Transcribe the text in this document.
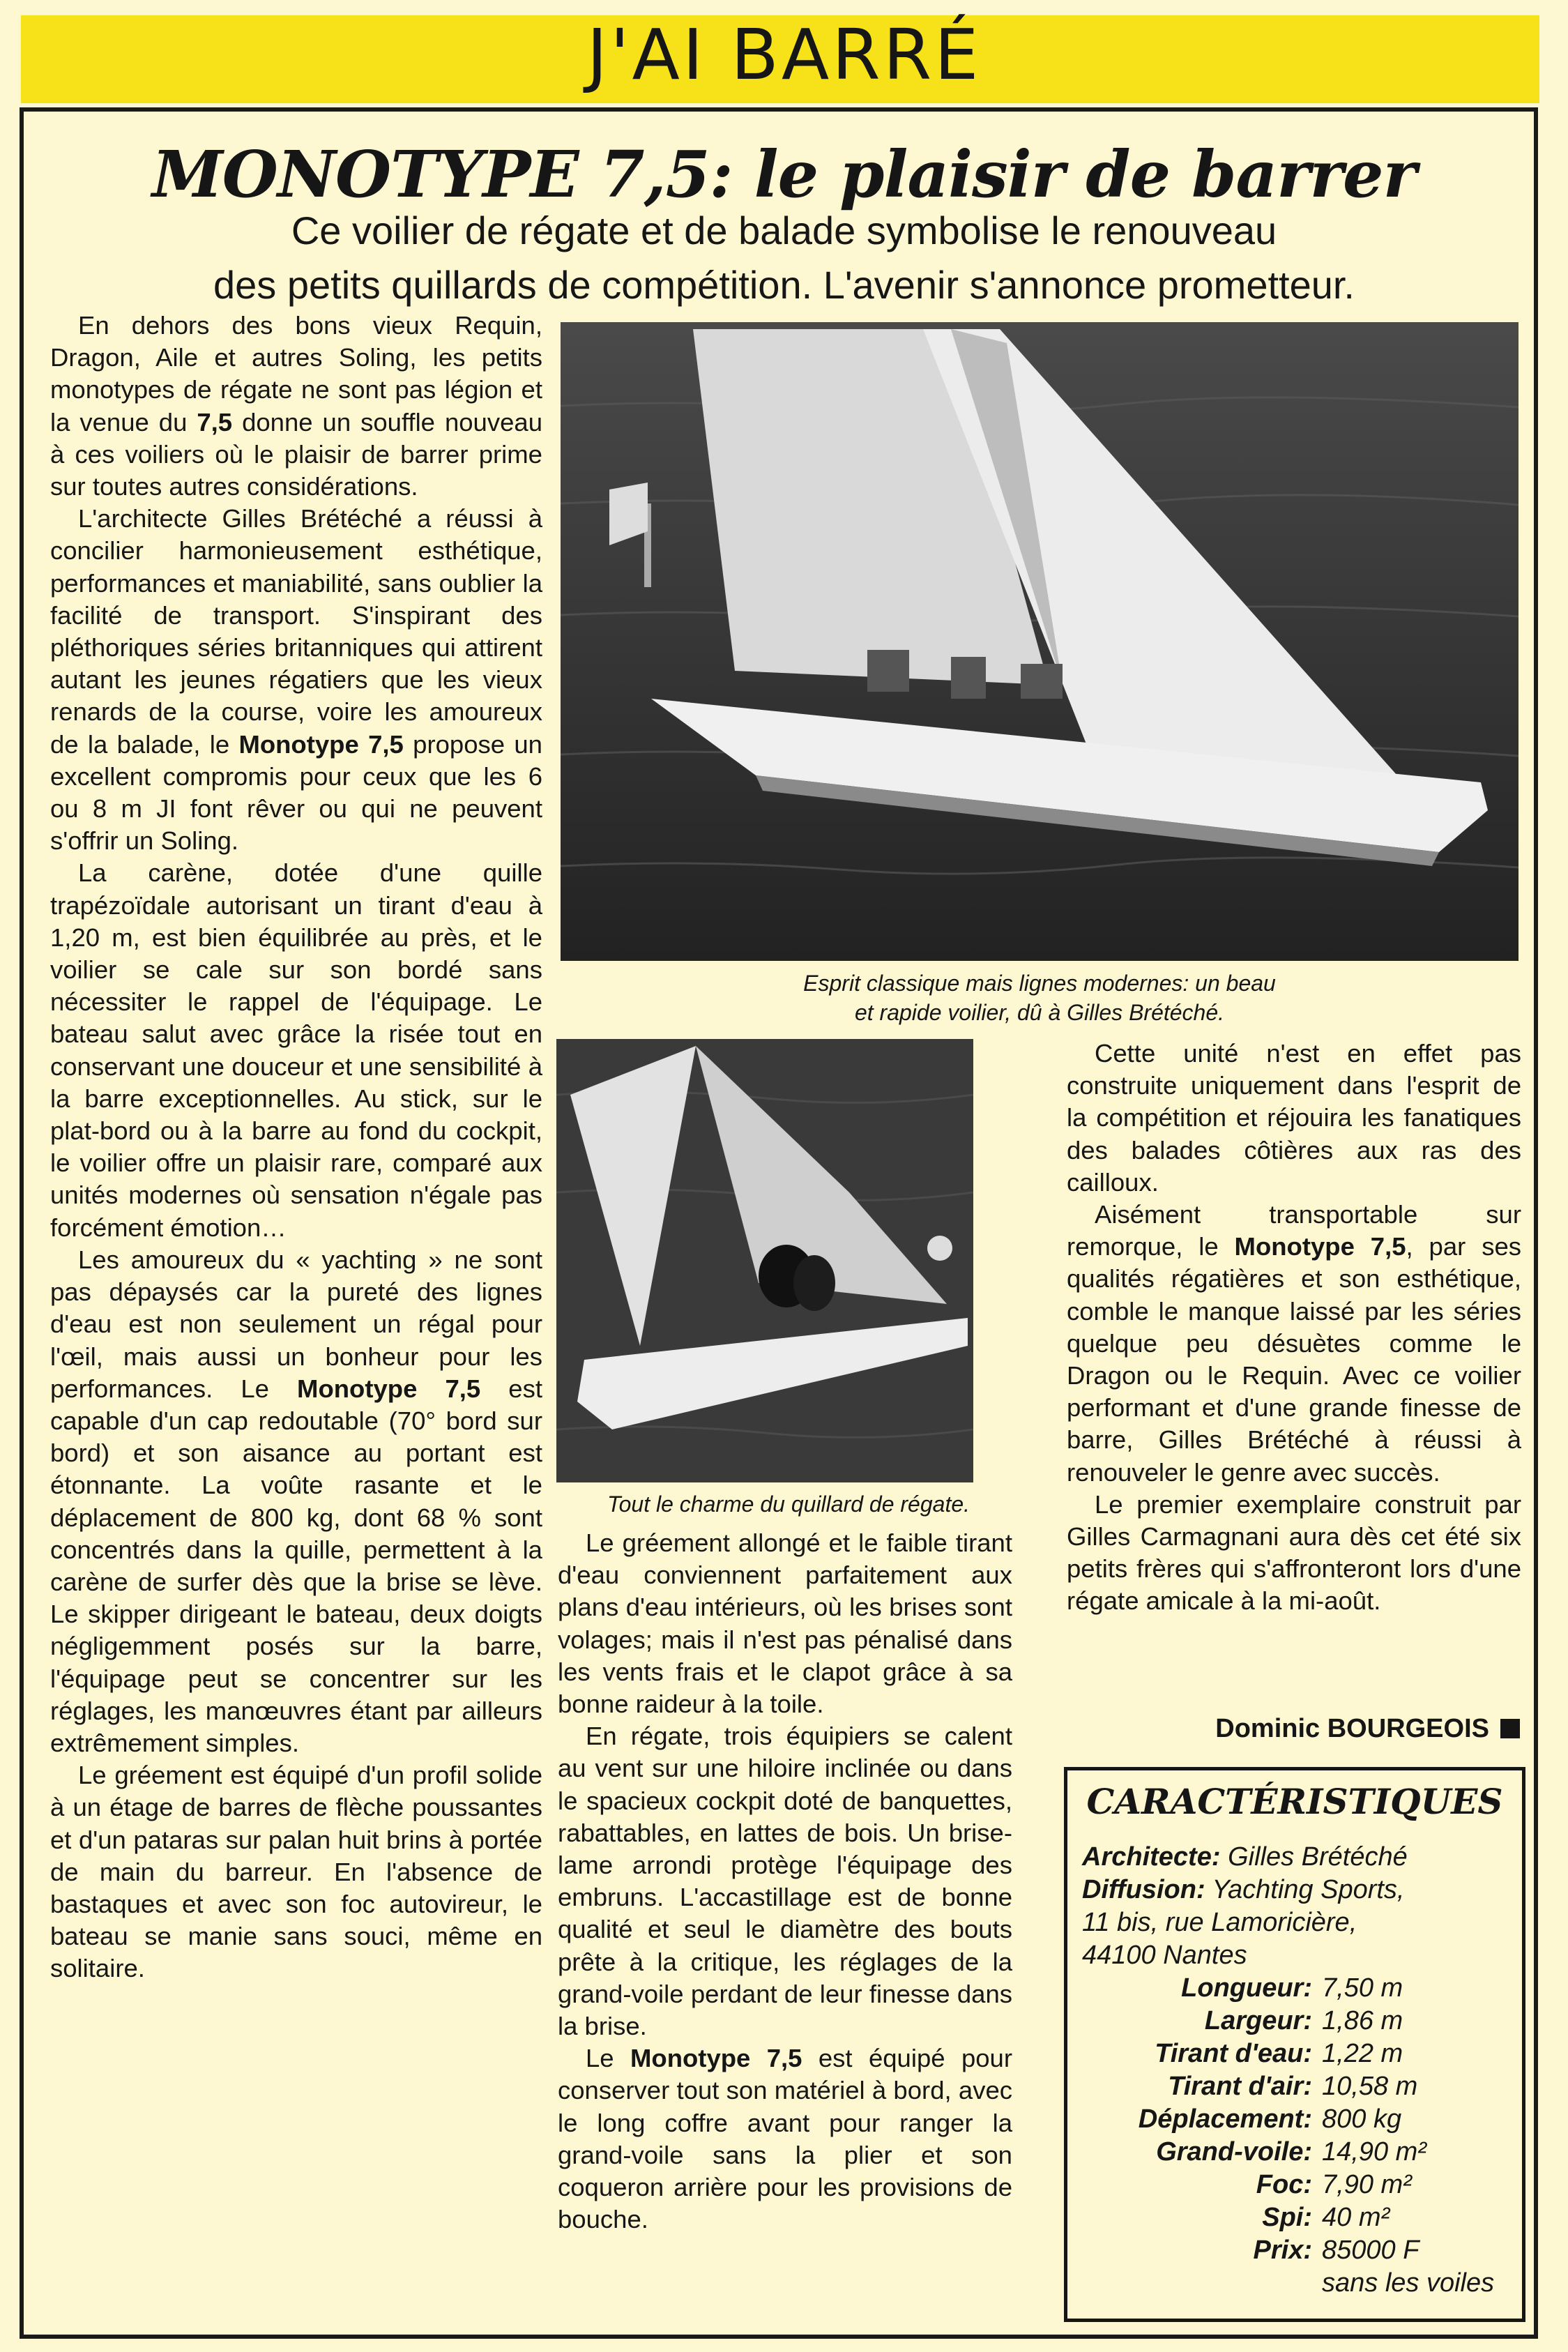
J'AI BARRÉ
MONOTYPE 7,5: le plaisir de barrer
Ce voilier de régate et de balade symbolise le renouveau
des petits quillards de compétition. L'avenir s'annonce prometteur.

En dehors des bons vieux Requin, Dragon, Aile et autres Soling, les petits monotypes de régate ne sont pas légion et la venue du 7,5 donne un souffle nouveau à ces voiliers où le plaisir de barrer prime sur toutes autres considérations.

L'architecte Gilles Brétéché a réussi à concilier harmonieusement esthétique, performances et maniabilité, sans oublier la facilité de transport. S'inspirant des pléthoriques séries britanniques qui attirent autant les jeunes régatiers que les vieux renards de la course, voire les amoureux de la balade, le Monotype 7,5 propose un excellent compromis pour ceux que les 6 ou 8 m JI font rêver ou qui ne peuvent s'offrir un Soling.

La carène, dotée d'une quille trapézoïdale autorisant un tirant d'eau à 1,20 m, est bien équilibrée au près, et le voilier se cale sur son bordé sans nécessiter le rappel de l'équipage. Le bateau salut avec grâce la risée tout en conservant une douceur et une sensibilité à la barre exceptionnelles. Au stick, sur le plat-bord ou à la barre au fond du cockpit, le voilier offre un plaisir rare, comparé aux unités modernes où sensation n'égale pas forcément émotion…

Les amoureux du « yachting » ne sont pas dépaysés car la pureté des lignes d'eau est non seulement un régal pour l'œil, mais aussi un bonheur pour les performances. Le Monotype 7,5 est capable d'un cap redoutable (70° bord sur bord) et son aisance au portant est étonnante. La voûte rasante et le déplacement de 800 kg, dont 68 % sont concentrés dans la quille, permettent à la carène de surfer dès que la brise se lève. Le skipper dirigeant le bateau, deux doigts négligemment posés sur la barre, l'équipage peut se concentrer sur les réglages, les manœuvres étant par ailleurs extrêmement simples.

Le gréement est équipé d'un profil solide à un étage de barres de flèche poussantes et d'un pataras sur palan huit brins à portée de main du barreur. En l'absence de bastaques et avec son foc autovireur, le bateau se manie sans souci, même en solitaire.

Esprit classique mais lignes modernes: un beau
et rapide voilier, dû à Gilles Brétéché.
Tout le charme du quillard de régate.

Le gréement allongé et le faible tirant d'eau conviennent parfaitement aux plans d'eau intérieurs, où les brises sont volages; mais il n'est pas pénalisé dans les vents frais et le clapot grâce à sa bonne raideur à la toile.

En régate, trois équipiers se calent au vent sur une hiloire inclinée ou dans le spacieux cockpit doté de banquettes, rabattables, en lattes de bois. Un brise-lame arrondi protège l'équipage des embruns. L'accastillage est de bonne qualité et seul le diamètre des bouts prête à la critique, les réglages de la grand-voile perdant de leur finesse dans la brise.

Le Monotype 7,5 est équipé pour conserver tout son matériel à bord, avec le long coffre avant pour ranger la grand-voile sans la plier et son coqueron arrière pour les provisions de bouche.

Cette unité n'est en effet pas construite uniquement dans l'esprit de la compétition et réjouira les fanatiques des balades côtières aux ras des cailloux.

Aisément transportable sur remorque, le Monotype 7,5, par ses qualités régatières et son esthétique, comble le manque laissé par les séries quelque peu désuètes comme le Dragon ou le Requin. Avec ce voilier performant et d'une grande finesse de barre, Gilles Brétéché à réussi à renouveler le genre avec succès.

Le premier exemplaire construit par Gilles Carmagnani aura dès cet été six petits frères qui s'affronteront lors d'une régate amicale à la mi-août.

Dominic BOURGEOIS
CARACTÉRISTIQUES
Architecte: Gilles Brétéché
Diffusion: Yachting Sports,
11 bis, rue Lamoricière,
44100 Nantes
Longueur: 7,50 m
Largeur: 1,86 m
Tirant d'eau: 1,22 m
Tirant d'air: 10,58 m
Déplacement: 800 kg
Grand-voile: 14,90 m²
Foc: 7,90 m²
Spi: 40 m²
Prix: 85000 F
sans les voiles
